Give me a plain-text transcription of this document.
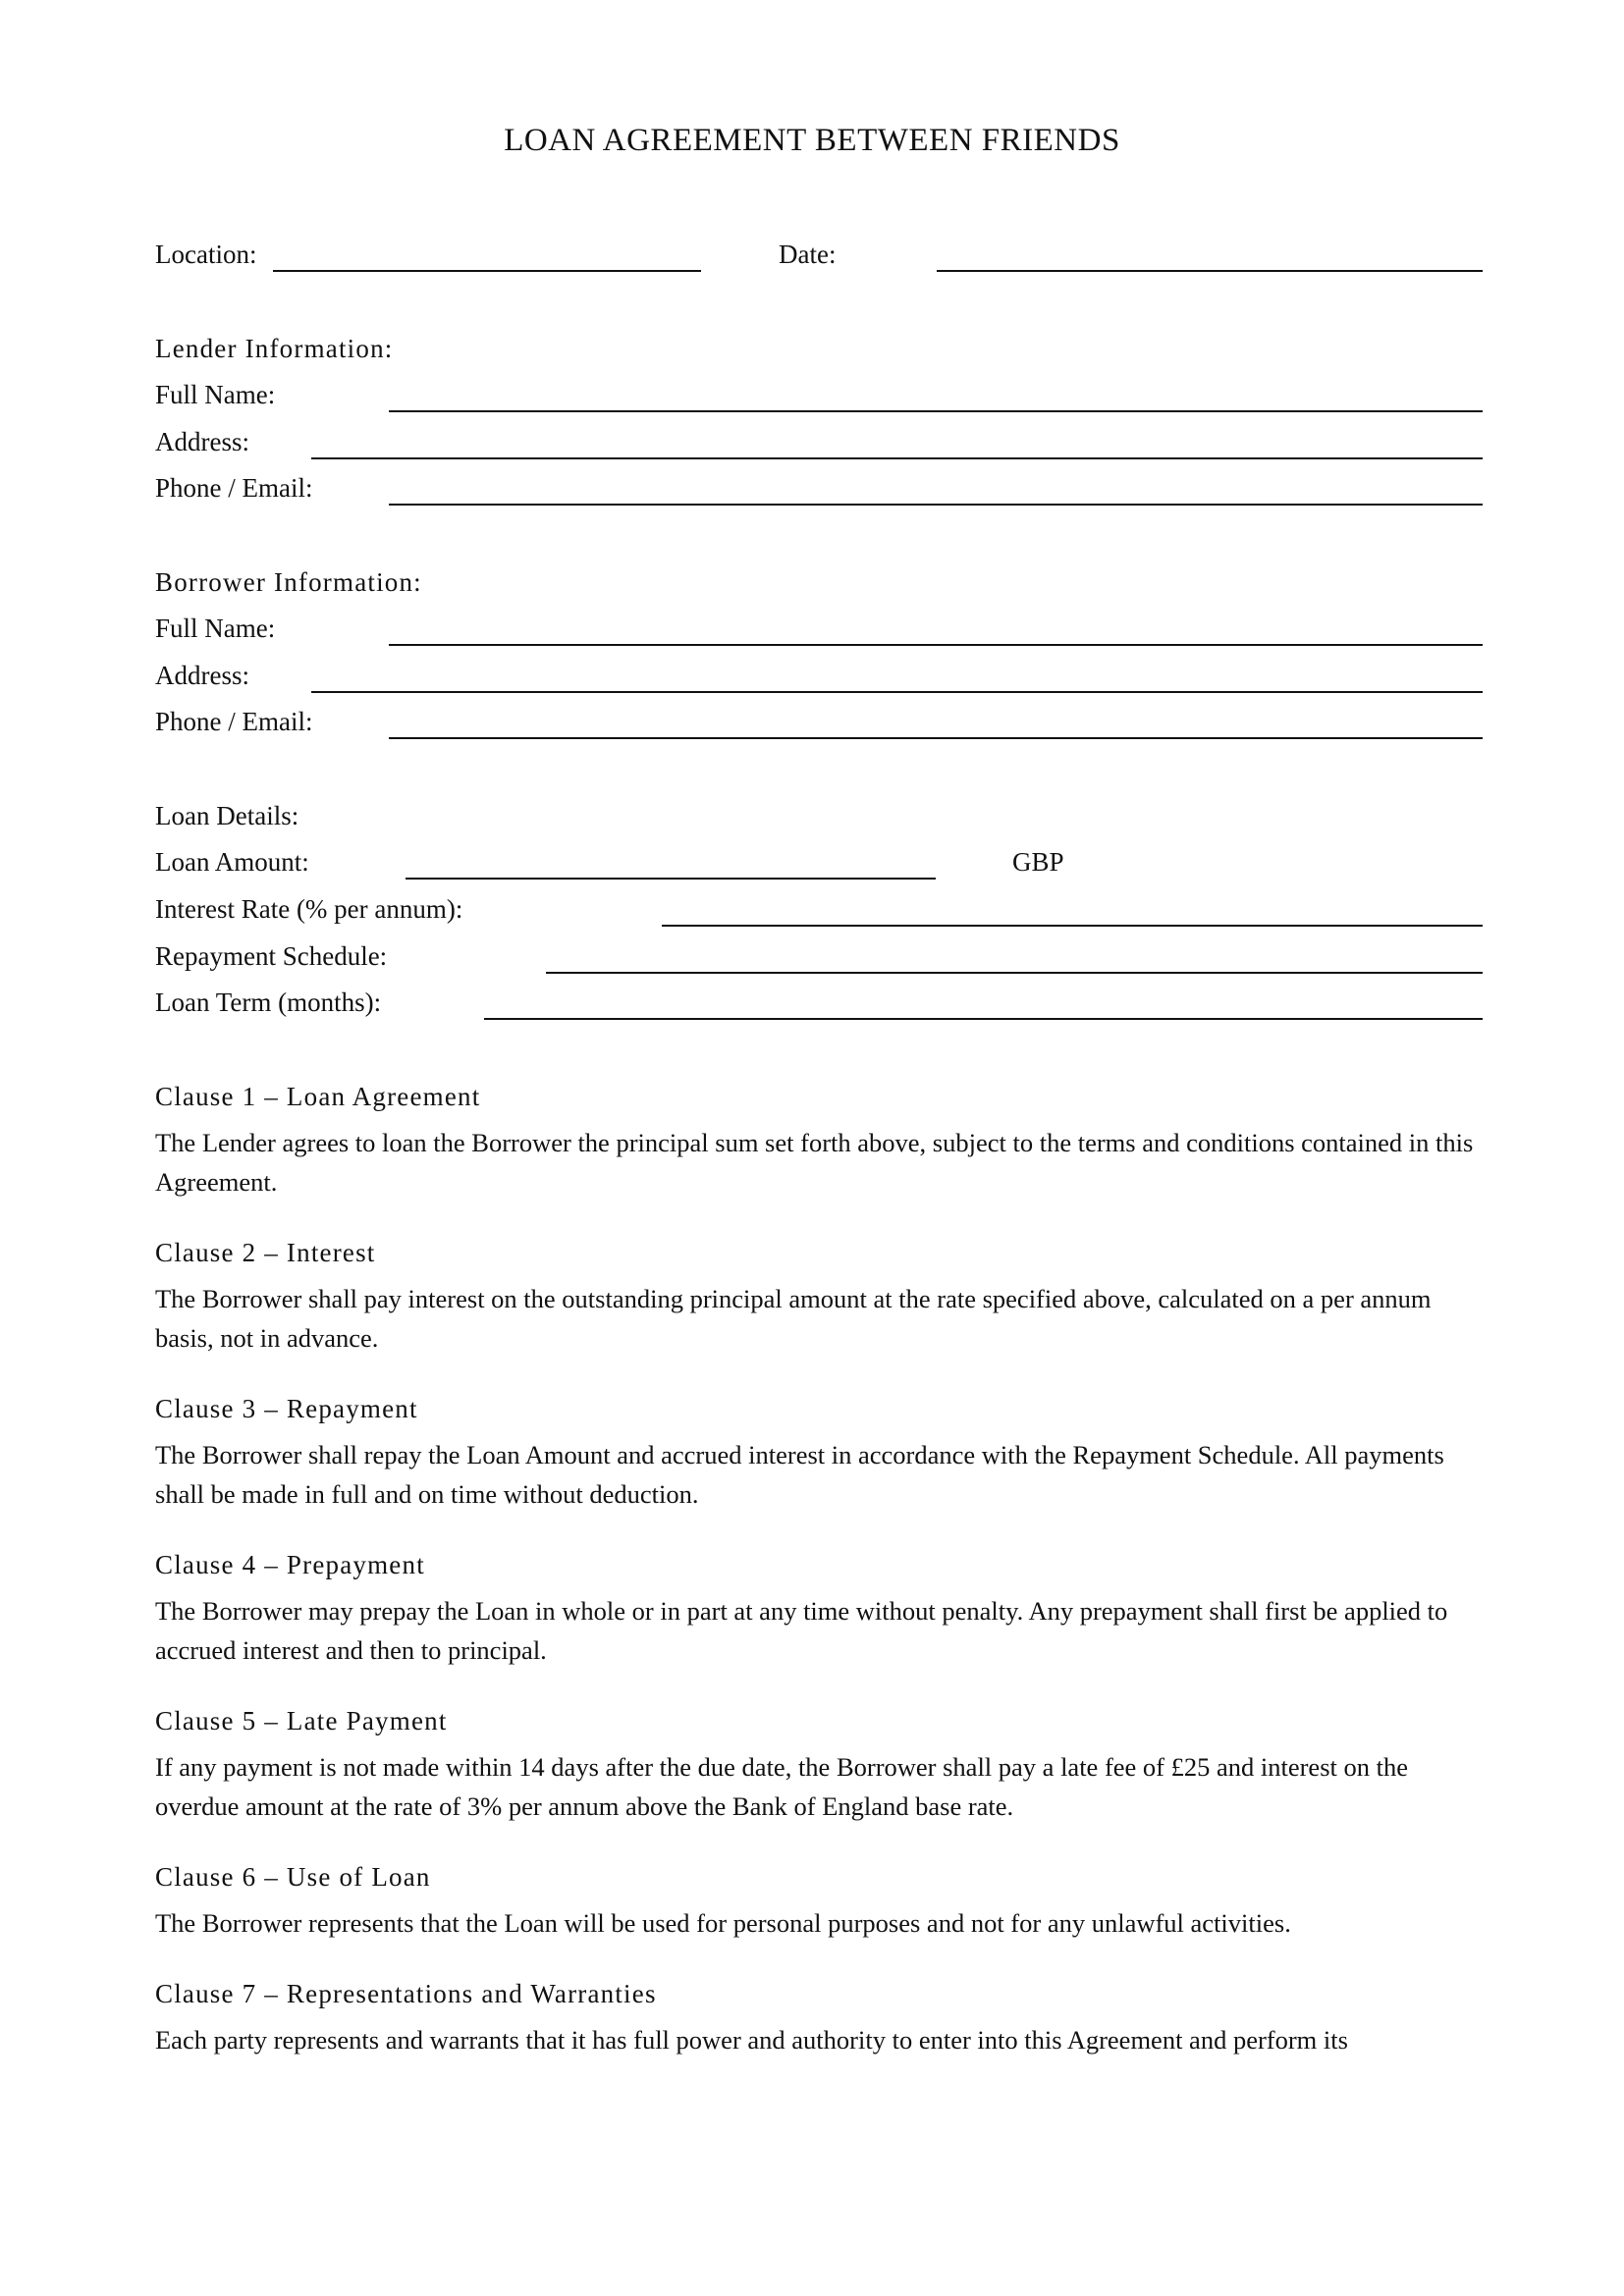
LOAN AGREEMENT BETWEEN FRIENDS
Location:	Date:
Lender Information:
Full Name:
Address:
Phone / Email:
Borrower Information:
Full Name:
Address:
Phone / Email:
Loan Details:
Loan Amount:	GBP
Interest Rate (% per annum):
Repayment Schedule:
Loan Term (months):
Clause 1 – Loan Agreement
The Lender agrees to loan the Borrower the principal sum set forth above, subject to the terms and conditions contained in this Agreement.
Clause 2 – Interest
The Borrower shall pay interest on the outstanding principal amount at the rate specified above, calculated on a per annum basis, not in advance.
Clause 3 – Repayment
The Borrower shall repay the Loan Amount and accrued interest in accordance with the Repayment Schedule. All payments shall be made in full and on time without deduction.
Clause 4 – Prepayment
The Borrower may prepay the Loan in whole or in part at any time without penalty. Any prepayment shall first be applied to accrued interest and then to principal.
Clause 5 – Late Payment
If any payment is not made within 14 days after the due date, the Borrower shall pay a late fee of £25 and interest on the overdue amount at the rate of 3% per annum above the Bank of England base rate.
Clause 6 – Use of Loan
The Borrower represents that the Loan will be used for personal purposes and not for any unlawful activities.
Clause 7 – Representations and Warranties
Each party represents and warrants that it has full power and authority to enter into this Agreement and perform its
